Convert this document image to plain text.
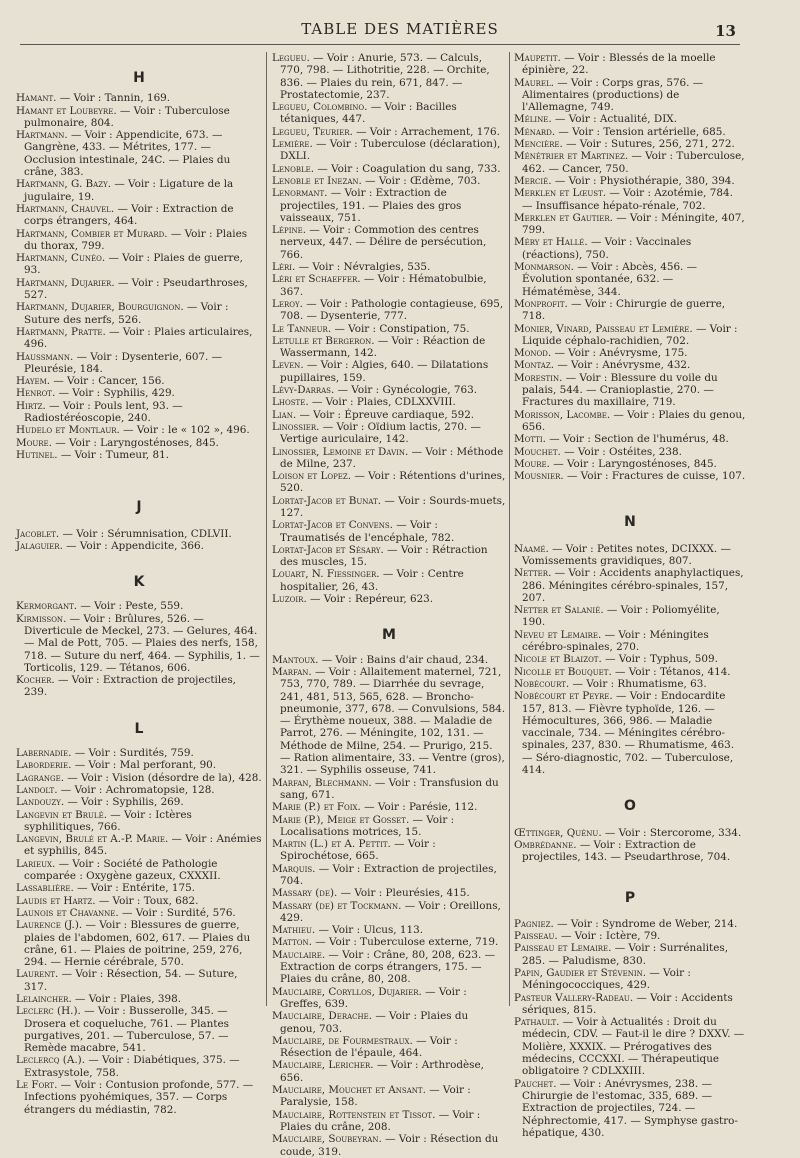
TABLE DES MATIÈRES	13
H
Hamant. — Voir : Tannin, 169.
Hamant et Loubeyre. — Voir : Tuberculose pulmonaire, 804.
Hartmann. — Voir : Appendicite, 673. — Gangrène, 433. — Métrites, 177. — Occlusion intestinale, 24C. — Plaies du crâne, 383.
Hartmann, G. Bazy. — Voir : Ligature de la jugulaire, 19.
Hartmann, Chauvel. — Voir : Extraction de corps étrangers, 464.
Hartmann, Combier et Murard. — Voir : Plaies du thorax, 799.
Hartmann, Cunéo. — Voir : Plaies de guerre, 93.
Hartmann, Dujarier. — Voir : Pseudarthroses, 527.
Hartmann, Dujarier, Bourguignon. — Voir : Suture des nerfs, 526.
Hartmann, Pratte. — Voir : Plaies articulaires, 496.
Haussmann. — Voir : Dysenterie, 607. — Pleurésie, 184.
Hayem. — Voir : Cancer, 156.
Henrot. — Voir : Syphilis, 429.
Hirtz. — Voir : Pouls lent, 93. — Radiostéréoscopie, 240.
Hudelo et Montlaur. — Voir : le « 102 », 496.
Moure. — Voir : Laryngosténoses, 845.
Hutinel. — Voir : Tumeur, 81.
J
Jacoblet. — Voir : Sérumnisation, CDLVII.
Jalaguier. — Voir : Appendicite, 366.
K
Kermorgant. — Voir : Peste, 559.
Kirmisson. — Voir : Brûlures, 526. — Diverticule de Meckel, 273. — Gelures, 464. — Mal de Pott, 705. — Plaies des nerfs, 158, 718. — Suture du nerf, 464. — Syphilis, 1. — Torticolis, 129. — Tétanos, 606.
Kocher. — Voir : Extraction de projectiles, 239.
L
Labernadie. — Voir : Surdités, 759.
Laborderie. — Voir : Mal perforant, 90.
Lagrange. — Voir : Vision (désordre de la), 428.
Landolt. — Voir : Achromatopsie, 128.
Landouzy. — Voir : Syphilis, 269.
Langevin et Brulé. — Voir : Ictères syphilitiques, 766.
Langevin, Brulé et A.-P. Marie. — Voir : Anémies et syphilis, 845.
Larieux. — Voir : Société de Pathologie comparée : Oxygène gazeux, CXXXII.
Lassablière. — Voir : Entérite, 175.
Laudis et Hartz. — Voir : Toux, 682.
Launois et Chavanne. — Voir : Surdité, 576.
Laurence (J.). — Voir : Blessures de guerre, plaies de l'abdomen, 602, 617. — Plaies du crâne, 61. — Plaies de poitrine, 259, 276, 294. — Hernie cérébrale, 570.
Laurent. — Voir : Résection, 54. — Suture, 317.
Lelaincher. — Voir : Plaies, 398.
Leclerc (H.). — Voir : Busserolle, 345. — Drosera et coqueluche, 761. — Plantes purgatives, 201. — Tuberculose, 57. — Remède macabre, 541.
Leclercq (A.). — Voir : Diabétiques, 375. — Extrasystole, 758.
Le Fort. — Voir : Contusion profonde, 577. — Infections pyohémiques, 357. — Corps étrangers du médiastin, 782.
Legueu. — Voir : Anurie, 573. — Calculs, 770, 798. — Lithotritie, 228. — Orchite, 836. — Plaies du rein, 671, 847. — Prostatectomie, 237.
Legueu, Colombino. — Voir : Bacilles tétaniques, 447.
Legueu, Teurier. — Voir : Arrachement, 176.
Lemière. — Voir : Tuberculose (déclaration), DXLI.
Lenoble. — Voir : Coagulation du sang, 733.
Lenoble et Inezan. — Voir : Œdème, 703.
Lenormant. — Voir : Extraction de projectiles, 191. — Plaies des gros vaisseaux, 751.
Lépine. — Voir : Commotion des centres nerveux, 447. — Délire de persécution, 766.
Léri. — Voir : Névralgies, 535.
Léri et Schaeffer. — Voir : Hématobulbie, 367.
Leroy. — Voir : Pathologie contagieuse, 695, 708. — Dysenterie, 777.
Le Tanneur. — Voir : Constipation, 75.
Letulle et Bergeron. — Voir : Réaction de Wassermann, 142.
Leven. — Voir : Algies, 640. — Dilatations pupillaires, 159.
Lévy-Darras. — Voir : Gynécologie, 763.
Lhoste. — Voir : Plaies, CDLXXVIII.
Lian. — Voir : Épreuve cardiaque, 592.
Linossier. — Voir : Oïdium lactis, 270. — Vertige auriculaire, 142.
Linossier, Lemoine et Davin. — Voir : Méthode de Milne, 237.
Loison et Lopez. — Voir : Rétentions d'urines, 520.
Lortat-Jacob et Bunat. — Voir : Sourds-muets, 127.
Lortat-Jacob et Convens. — Voir : Traumatisés de l'encéphale, 782.
Lortat-Jacob et Sésary. — Voir : Rétraction des muscles, 15.
Louart, N. Fiessinger. — Voir : Centre hospitalier, 26, 43.
Luzoir. — Voir : Repéreur, 623.
M
Mantoux. — Voir : Bains d'air chaud, 234.
Marfan. — Voir : Allaitement maternel, 721, 753, 770, 789. — Diarrhée du sevrage, 241, 481, 513, 565, 628. — Broncho-pneumonie, 377, 678. — Convulsions, 584. — Érythème noueux, 388. — Maladie de Parrot, 276. — Méningite, 102, 131. — Méthode de Milne, 254. — Prurigo, 215. — Ration alimentaire, 33. — Ventre (gros), 321. — Syphilis osseuse, 741.
Marfan, Blechmann. — Voir : Transfusion du sang, 671.
Marie (P.) et Foix. — Voir : Parésie, 112.
Marie (P.), Meige et Gosset. — Voir : Localisations motrices, 15.
Martin (L.) et A. Pettit. — Voir : Spirochétose, 665.
Marquis. — Voir : Extraction de projectiles, 704.
Massary (de). — Voir : Pleurésies, 415.
Massary (de) et Tockmann. — Voir : Oreillons, 429.
Mathieu. — Voir : Ulcus, 113.
Matton. — Voir : Tuberculose externe, 719.
Mauclaire. — Voir : Crâne, 80, 208, 623. — Extraction de corps étrangers, 175. — Plaies du crâne, 80, 208.
Mauclaire, Coryllos, Dujarier. — Voir : Greffes, 639.
Mauclaire, Derache. — Voir : Plaies du genou, 703.
Mauclaire, de Fourmestraux. — Voir : Résection de l'épaule, 464.
Mauclaire, Lericher. — Voir : Arthrodèse, 656.
Mauclaire, Mouchet et Ansant. — Voir : Paralysie, 158.
Mauclaire, Rottenstein et Tissot. — Voir : Plaies du crâne, 208.
Mauclaire, Soubeyran. — Voir : Résection du coude, 319.
Maupetit. — Voir : Blessés de la moelle épinière, 22.
Maurel. — Voir : Corps gras, 576. — Alimentaires (productions) de l'Allemagne, 749.
Méline. — Voir : Actualité, DIX.
Ménard. — Voir : Tension artérielle, 685.
Mencière. — Voir : Sutures, 256, 271, 272.
Ménétrier et Martinez. — Voir : Tuberculose, 462. — Cancer, 750.
Mercié. — Voir : Physiothérapie, 380, 394.
Merklen et Lœust. — Voir : Azotémie, 784. — Insuffisance hépato-rénale, 702.
Merklen et Gautier. — Voir : Méningite, 407, 799.
Méry et Hallé. — Voir : Vaccinales (réactions), 750.
Monmarson. — Voir : Abcès, 456. — Évolution spontanée, 632. — Hématémèse, 344.
Monprofit. — Voir : Chirurgie de guerre, 718.
Monier, Vinard, Paisseau et Lemière. — Voir : Liquide céphalo-rachidien, 702.
Monod. — Voir : Anévrysme, 175.
Montaz. — Voir : Anévrysme, 432.
Morestin. — Voir : Blessure du voile du palais, 544. — Cranioplastie, 270. — Fractures du maxillaire, 719.
Morisson, Lacombe. — Voir : Plaies du genou, 656.
Motti. — Voir : Section de l'humérus, 48.
Mouchet. — Voir : Ostéites, 238.
Moure. — Voir : Laryngosténoses, 845.
Mousnier. — Voir : Fractures de cuisse, 107.
N
Naamé. — Voir : Petites notes, DCIXXX. — Vomissements gravidiques, 807.
Netter. — Voir : Accidents anaphylactiques, 286. Méningites cérébro-spinales, 157, 207.
Netter et Salanié. — Voir : Poliomyélite, 190.
Neveu et Lemaire. — Voir : Méningites cérébro-spinales, 270.
Nicole et Blaizot. — Voir : Typhus, 509.
Nicolle et Bouquet. — Voir : Tétanos, 414.
Nobécourt. — Voir : Rhumatisme, 63.
Nobécourt et Peyre. — Voir : Endocardite 157, 813. — Fièvre typhoïde, 126. — Hémocultures, 366, 986. — Maladie vaccinale, 734. — Méningites cérébro-spinales, 237, 830. — Rhumatisme, 463. — Séro-diagnostic, 702. — Tuberculose, 414.
O
Œttinger, Quénu. — Voir : Stercorome, 334.
Ombrédanne. — Voir : Extraction de projectiles, 143. — Pseudarthrose, 704.
P
Pagniez. — Voir : Syndrome de Weber, 214.
Paisseau. — Voir : Ictère, 79.
Paisseau et Lemaire. — Voir : Surrénalites, 285. — Paludisme, 830.
Papin, Gaudier et Stévenin. — Voir : Méningococciques, 429.
Pasteur Vallery-Radeau. — Voir : Accidents sériques, 815.
Pathault. — Voir à Actualités : Droit du médecin, CDV. — Faut-il le dire ? DXXV. — Molière, XXXIX. — Prérogatives des médecins, CCCXXI. — Thérapeutique obligatoire ? CDLXXIII.
Pauchet. — Voir : Anévrysmes, 238. — Chirurgie de l'estomac, 335, 689. — Extraction de projectiles, 724. — Néphrectomie, 417. — Symphyse gastro-hépatique, 430.
